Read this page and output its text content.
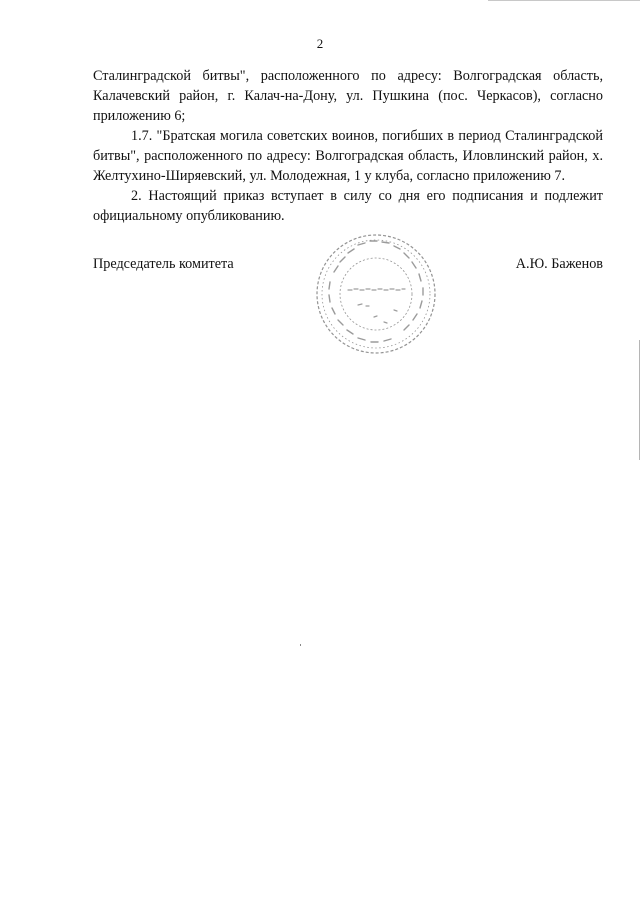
2

Сталинградской битвы", расположенного по адресу: Волгоградская область, Калачевский район, г. Калач-на-Дону, ул. Пушкина (пос. Черкасов), согласно приложению 6;

1.7. "Братская могила советских воинов, погибших в период Сталинградской битвы", расположенного по адресу: Волгоградская область, Иловлинский район, х. Желтухино-Ширяевский, ул. Молодежная, 1 у клуба, согласно приложению 7.

2. Настоящий приказ вступает в силу со дня его подписания и подлежит официальному опубликованию.

Председатель комитета	А.Ю. Баженов
